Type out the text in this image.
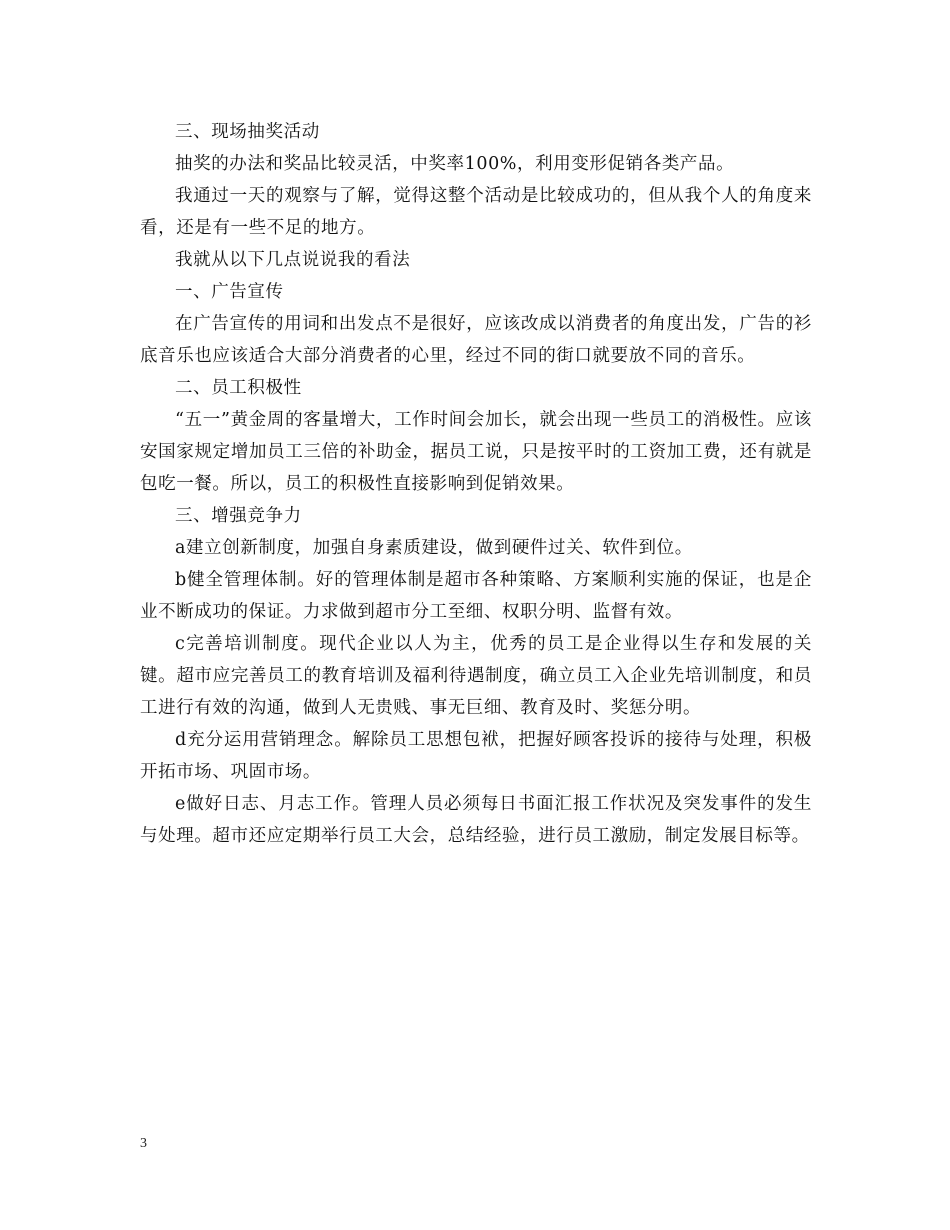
三、现场抽奖活动

抽奖的办法和奖品比较灵活，中奖率100%，利用变形促销各类产品。

我通过一天的观察与了解，觉得这整个活动是比较成功的，但从我个人的角度来看，还是有一些不足的地方。

我就从以下几点说说我的看法

一、广告宣传

在广告宣传的用词和出发点不是很好，应该改成以消费者的角度出发，广告的衫底音乐也应该适合大部分消费者的心里，经过不同的街口就要放不同的音乐。

二、员工积极性

“五一”黄金周的客量增大，工作时间会加长，就会出现一些员工的消极性。应该安国家规定增加员工三倍的补助金，据员工说，只是按平时的工资加工费，还有就是包吃一餐。所以，员工的积极性直接影响到促销效果。

三、增强竞争力

a建立创新制度，加强自身素质建设，做到硬件过关、软件到位。

b健全管理体制。好的管理体制是超市各种策略、方案顺利实施的保证，也是企业不断成功的保证。力求做到超市分工至细、权职分明、监督有效。

c完善培训制度。现代企业以人为主，优秀的员工是企业得以生存和发展的关键。超市应完善员工的教育培训及福利待遇制度，确立员工入企业先培训制度，和员工进行有效的沟通，做到人无贵贱、事无巨细、教育及时、奖惩分明。

d充分运用营销理念。解除员工思想包袱，把握好顾客投诉的接待与处理，积极开拓市场、巩固市场。

e做好日志、月志工作。管理人员必须每日书面汇报工作状况及突发事件的发生与处理。超市还应定期举行员工大会，总结经验，进行员工激励，制定发展目标等。

3
